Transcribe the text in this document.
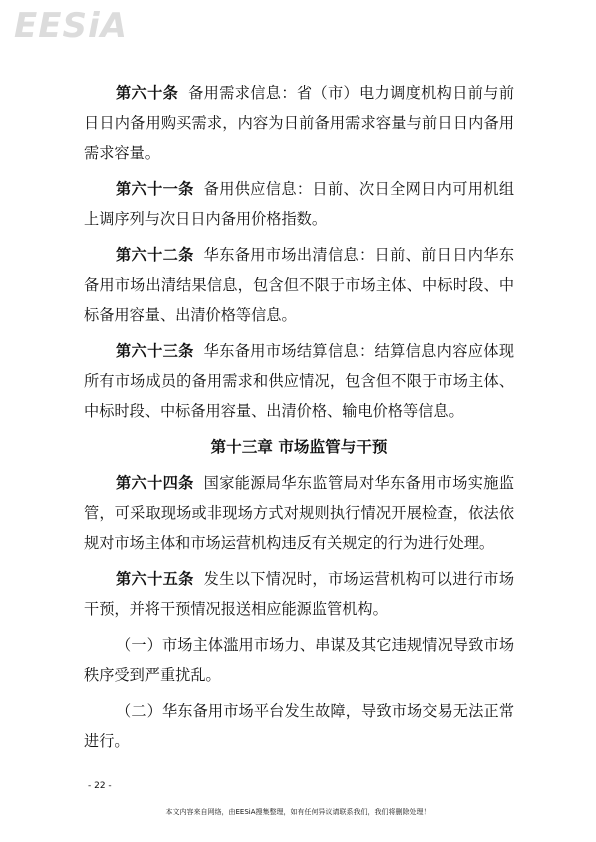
EESiA

第六十条 备用需求信息：省（市）电力调度机构日前与前日日内备用购买需求，内容为日前备用需求容量与前日日内备用需求容量。

第六十一条 备用供应信息：日前、次日全网日内可用机组上调序列与次日日内备用价格指数。

第六十二条 华东备用市场出清信息：日前、前日日内华东备用市场出清结果信息，包含但不限于市场主体、中标时段、中标备用容量、出清价格等信息。

第六十三条 华东备用市场结算信息：结算信息内容应体现所有市场成员的备用需求和供应情况，包含但不限于市场主体、中标时段、中标备用容量、出清价格、输电价格等信息。

第十三章 市场监管与干预

第六十四条 国家能源局华东监管局对华东备用市场实施监管，可采取现场或非现场方式对规则执行情况开展检查，依法依规对市场主体和市场运营机构违反有关规定的行为进行处理。

第六十五条 发生以下情况时，市场运营机构可以进行市场干预，并将干预情况报送相应能源监管机构。

（一）市场主体滥用市场力、串谋及其它违规情况导致市场秩序受到严重扰乱。

（二）华东备用市场平台发生故障，导致市场交易无法正常进行。

- 22 -
本文内容来自网络，由EESiA搜集整理，如有任何异议请联系我们，我们将删除处理！
